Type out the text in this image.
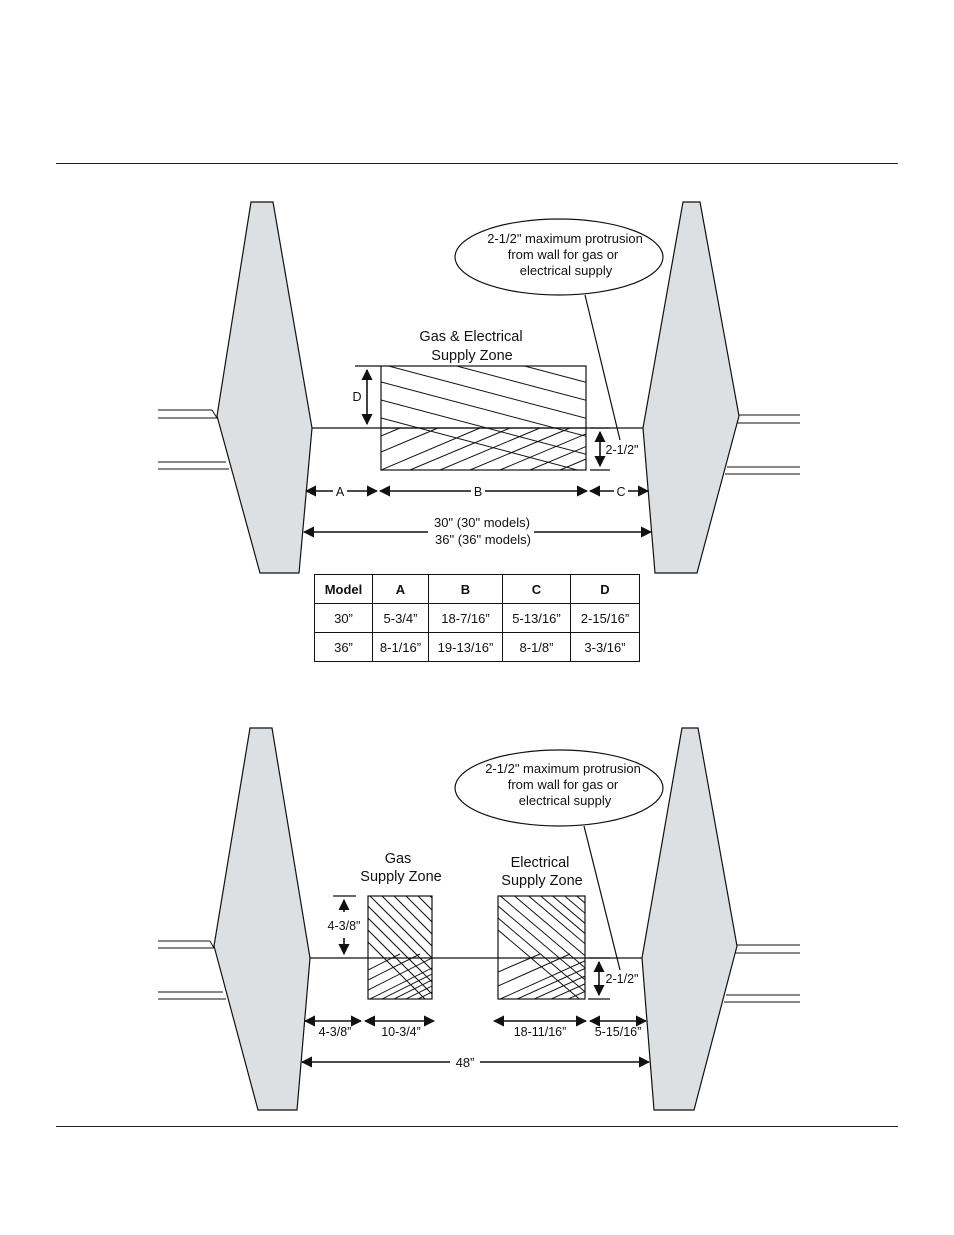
Gas & Electrical
Supply Zone
2-1/2" maximum protrusion
from wall for gas or
electrical supply
D
2-1/2"
A	B	C
30" (30" models)
36" (36" models)
Gas
Supply Zone
Electrical
Supply Zone
2-1/2" maximum protrusion
from wall for gas or
electrical supply
4-3/8"
2-1/2"
4-3/8” 10-3/4”	18-11/16” 5-15/16”
48”
Model	A	B	C	D
30”	5-3/4”	18-7/16”	5-13/16”	2-15/16”
36”	8-1/16”	19-13/16”	8-1/8”	3-3/16”
